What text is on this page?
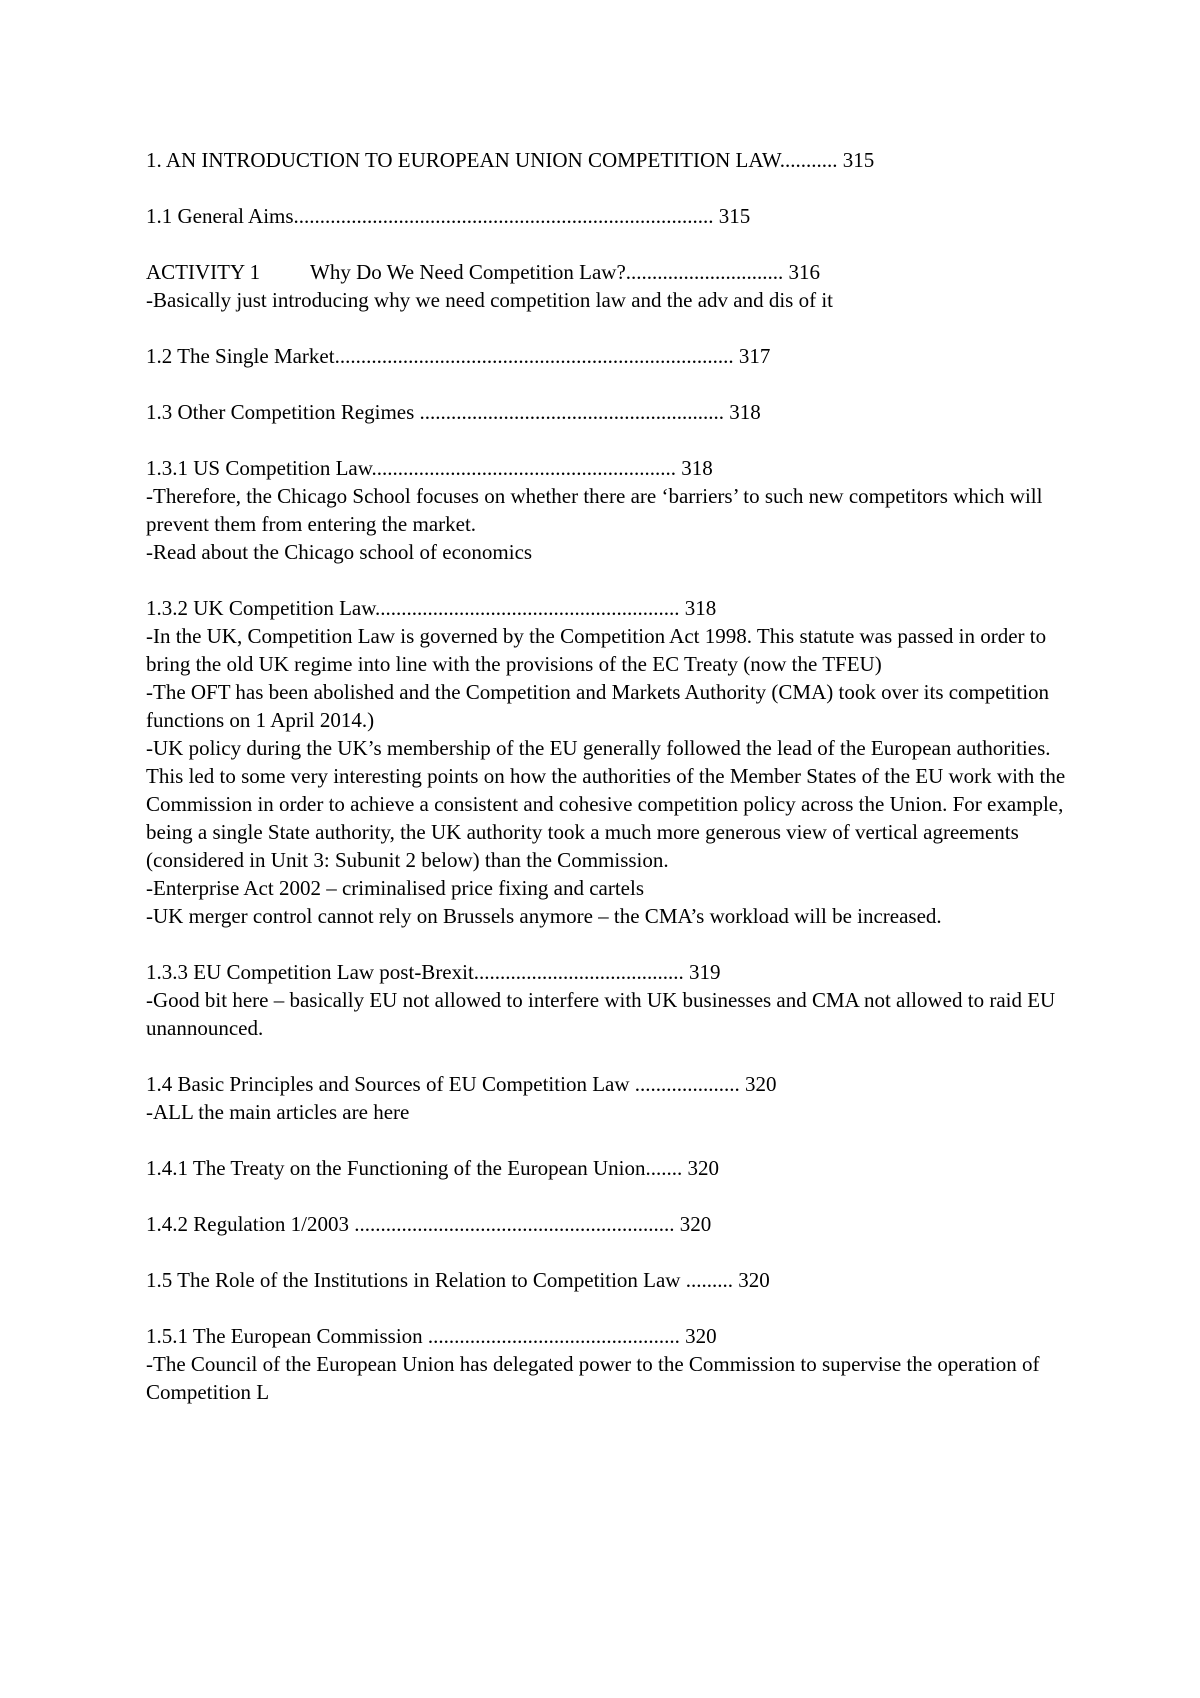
1. AN INTRODUCTION TO EUROPEAN UNION COMPETITION LAW........... 315
1.1 General Aims................................................................................ 315
ACTIVITY 1 Why Do We Need Competition Law?.............................. 316
-Basically just introducing why we need competition law and the adv and dis of it
1.2 The Single Market............................................................................ 317
1.3 Other Competition Regimes .......................................................... 318
1.3.1 US Competition Law.......................................................... 318
-Therefore, the Chicago School focuses on whether there are ‘barriers’ to such new competitors which will prevent them from entering the market.
-Read about the Chicago school of economics
1.3.2 UK Competition Law.......................................................... 318
-In the UK, Competition Law is governed by the Competition Act 1998. This statute was passed in order to bring the old UK regime into line with the provisions of the EC Treaty (now the TFEU)
-The OFT has been abolished and the Competition and Markets Authority (CMA) took over its competition functions on 1 April 2014.)
-UK policy during the UK’s membership of the EU generally followed the lead of the European authorities. This led to some very interesting points on how the authorities of the Member States of the EU work with the Commission in order to achieve a consistent and cohesive competition policy across the Union. For example, being a single State authority, the UK authority took a much more generous view of vertical agreements (considered in Unit 3: Subunit 2 below) than the Commission.
-Enterprise Act 2002 – criminalised price fixing and cartels
-UK merger control cannot rely on Brussels anymore – the CMA’s workload will be increased.
1.3.3 EU Competition Law post-Brexit........................................ 319
-Good bit here – basically EU not allowed to interfere with UK businesses and CMA not allowed to raid EU unannounced.
1.4 Basic Principles and Sources of EU Competition Law .................... 320
-ALL the main articles are here
1.4.1 The Treaty on the Functioning of the European Union....... 320
1.4.2 Regulation 1/2003 ............................................................. 320
1.5 The Role of the Institutions in Relation to Competition Law ......... 320
1.5.1 The European Commission ................................................ 320
-The Council of the European Union has delegated power to the Commission to supervise the operation of Competition L
